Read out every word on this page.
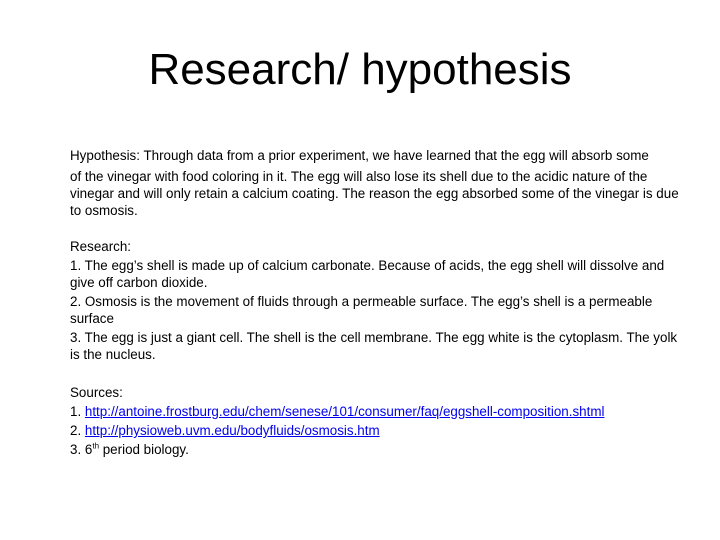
Research/ hypothesis

Hypothesis: Through data from a prior experiment, we have learned that the egg will absorb some

of the vinegar with food coloring in it. The egg will also lose its shell due to the acidic nature of the vinegar and will only retain a calcium coating. The reason the egg absorbed some of the vinegar is due to osmosis.

Research:

1. The egg’s shell is made up of calcium carbonate. Because of acids, the egg shell will dissolve and give off carbon dioxide.

2. Osmosis is the movement of fluids through a permeable surface. The egg’s shell is a permeable surface

3. The egg is just a giant cell. The shell is the cell membrane. The egg white is the cytoplasm. The yolk is the nucleus.

Sources:

1. http://antoine.frostburg.edu/chem/senese/101/consumer/faq/eggshell-composition.shtml

2. http://physioweb.uvm.edu/bodyfluids/osmosis.htm

3. 6th period biology.
